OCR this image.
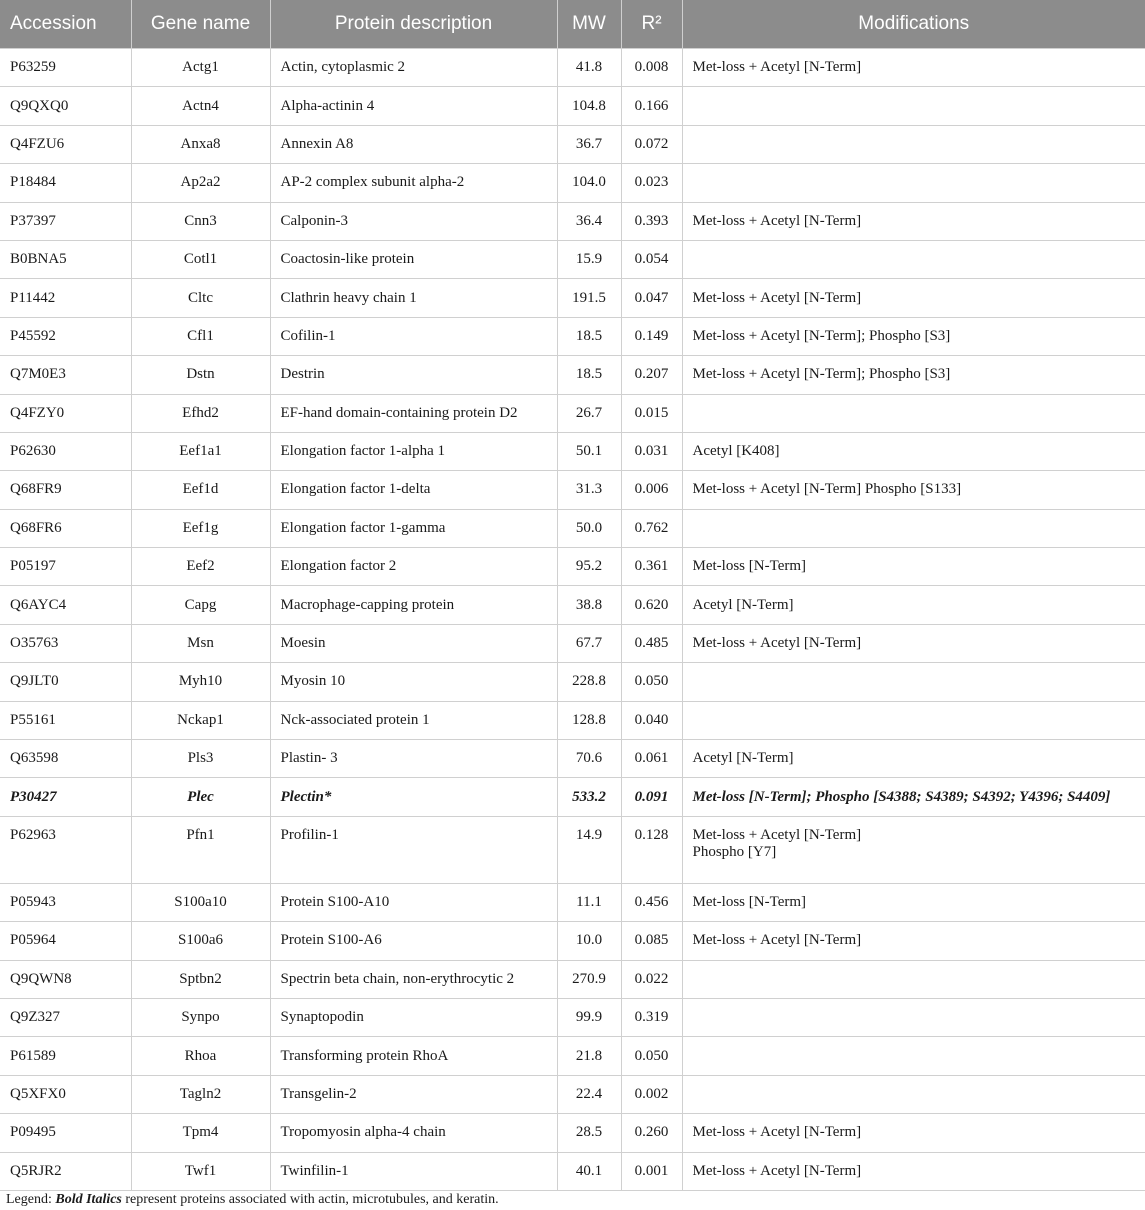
Accession	Gene name	Protein description	MW	R²	Modifications
P63259	Actg1	Actin, cytoplasmic 2	41.8	0.008	Met-loss + Acetyl [N-Term]

Q9QXQ0	Actn4	Alpha-actinin 4	104.8	0.166	

Q4FZU6	Anxa8	Annexin A8	36.7	0.072	

P18484	Ap2a2	AP-2 complex subunit alpha-2	104.0	0.023	

P37397	Cnn3	Calponin-3	36.4	0.393	Met-loss + Acetyl [N-Term]

B0BNA5	Cotl1	Coactosin-like protein	15.9	0.054	

P11442	Cltc	Clathrin heavy chain 1	191.5	0.047	Met-loss + Acetyl [N-Term]

P45592	Cfl1	Cofilin-1	18.5	0.149	Met-loss + Acetyl [N-Term]; Phospho [S3]

Q7M0E3	Dstn	Destrin	18.5	0.207	Met-loss + Acetyl [N-Term]; Phospho [S3]

Q4FZY0	Efhd2	EF-hand domain-containing protein D2	26.7	0.015	

P62630	Eef1a1	Elongation factor 1-alpha 1	50.1	0.031	Acetyl [K408]

Q68FR9	Eef1d	Elongation factor 1-delta	31.3	0.006	Met-loss + Acetyl [N-Term] Phospho [S133]

Q68FR6	Eef1g	Elongation factor 1-gamma	50.0	0.762	

P05197	Eef2	Elongation factor 2	95.2	0.361	Met-loss [N-Term]

Q6AYC4	Capg	Macrophage-capping protein	38.8	0.620	Acetyl [N-Term]

O35763	Msn	Moesin	67.7	0.485	Met-loss + Acetyl [N-Term]

Q9JLT0	Myh10	Myosin 10	228.8	0.050	

P55161	Nckap1	Nck-associated protein 1	128.8	0.040	

Q63598	Pls3	Plastin- 3	70.6	0.061	Acetyl [N-Term]

P30427	Plec	Plectin*	533.2	0.091	Met-loss [N-Term]; Phospho [S4388; S4389; S4392; Y4396; S4409]

P62963	Pfn1	Profilin-1	14.9	0.128	Met-loss + Acetyl [N-Term]
Phospho [Y7]

P05943	S100a10	Protein S100-A10	11.1	0.456	Met-loss [N-Term]

P05964	S100a6	Protein S100-A6	10.0	0.085	Met-loss + Acetyl [N-Term]

Q9QWN8	Sptbn2	Spectrin beta chain, non-erythrocytic 2	270.9	0.022	

Q9Z327	Synpo	Synaptopodin	99.9	0.319	

P61589	Rhoa	Transforming protein RhoA	21.8	0.050	

Q5XFX0	Tagln2	Transgelin-2	22.4	0.002	

P09495	Tpm4	Tropomyosin alpha-4 chain	28.5	0.260	Met-loss + Acetyl [N-Term]

Q5RJR2	Twf1	Twinfilin-1	40.1	0.001	Met-loss + Acetyl [N-Term]
Legend: Bold Italics represent proteins associated with actin, microtubules, and keratin.
